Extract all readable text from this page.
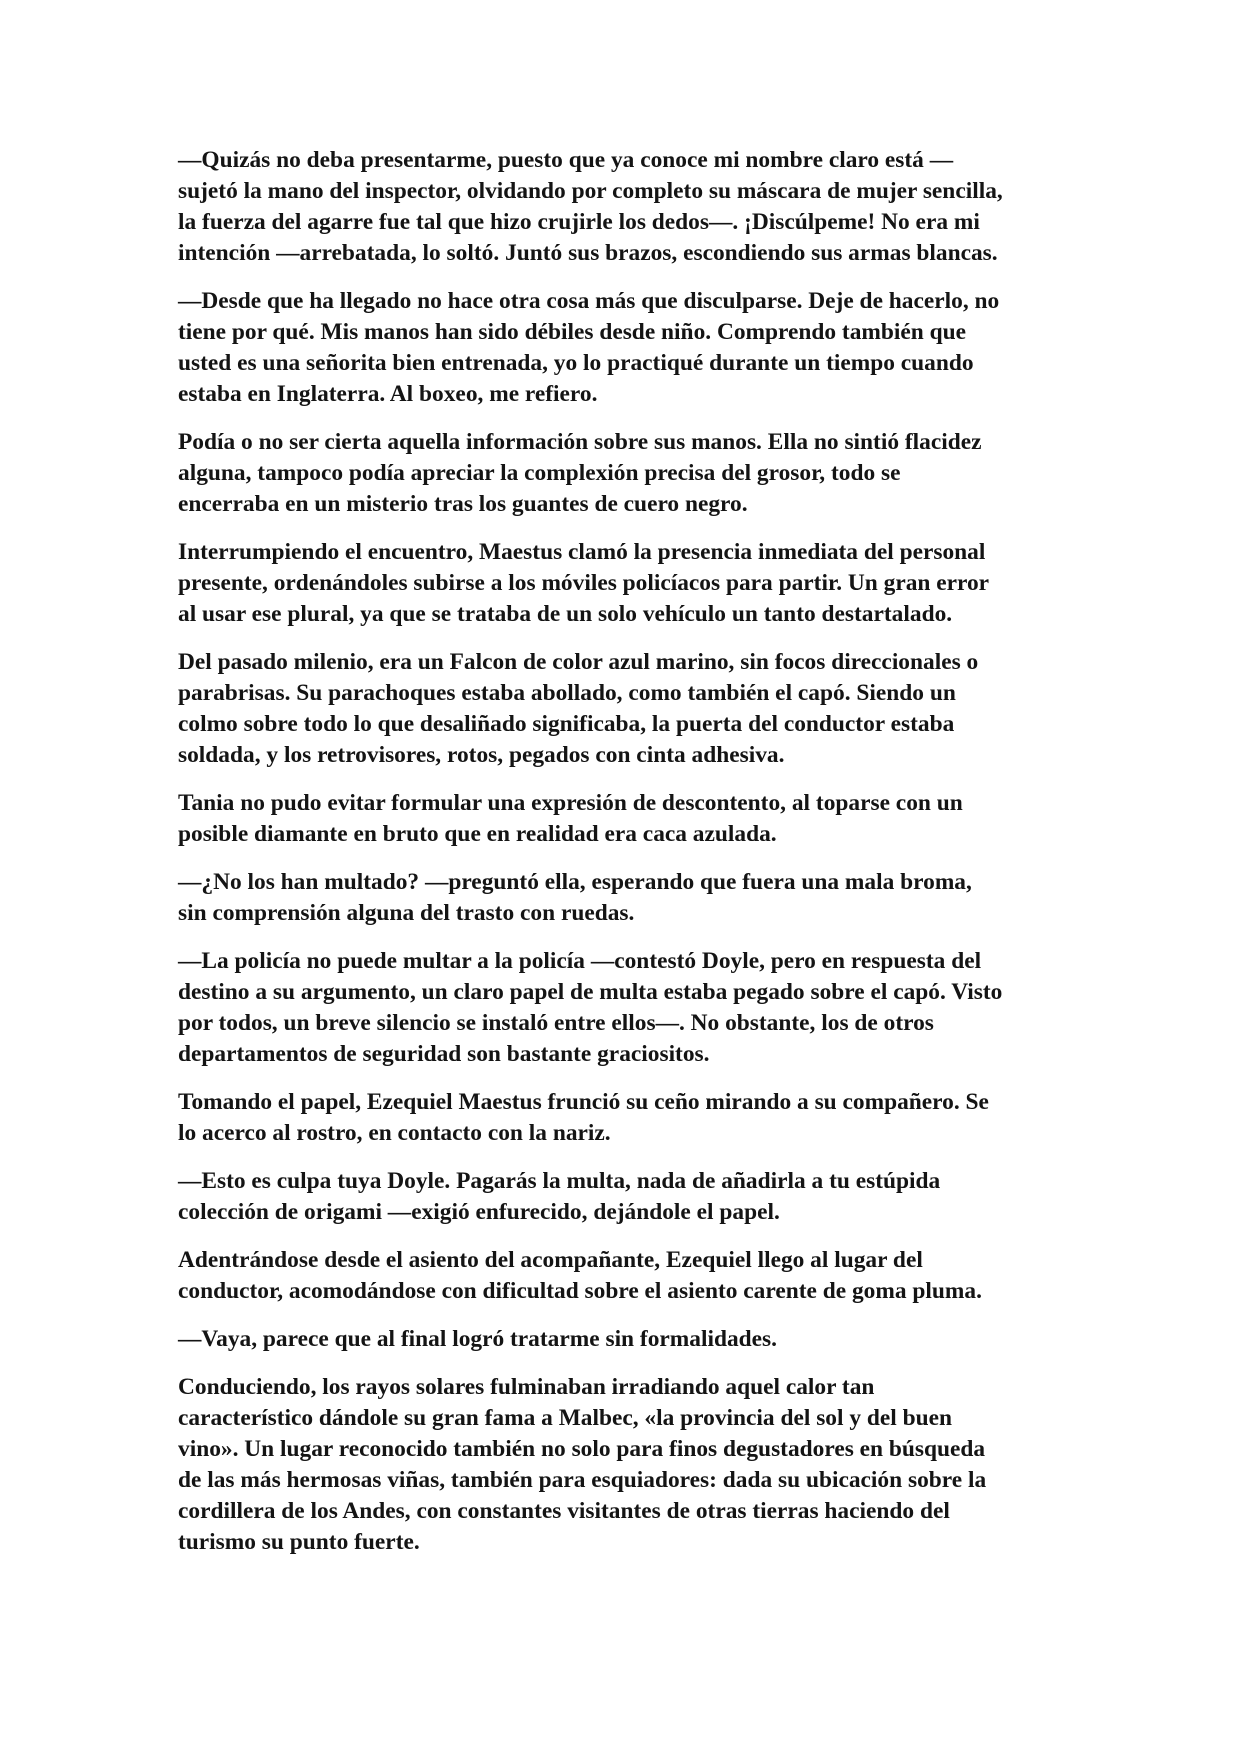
—Quizás no deba presentarme, puesto que ya conoce mi nombre claro está —
sujetó la mano del inspector, olvidando por completo su máscara de mujer sencilla,
la fuerza del agarre fue tal que hizo crujirle los dedos—. ¡Discúlpeme! No era mi
intención —arrebatada, lo soltó. Juntó sus brazos, escondiendo sus armas blancas.

—Desde que ha llegado no hace otra cosa más que disculparse. Deje de hacerlo, no
tiene por qué. Mis manos han sido débiles desde niño. Comprendo también que
usted es una señorita bien entrenada, yo lo practiqué durante un tiempo cuando
estaba en Inglaterra. Al boxeo, me refiero.

Podía o no ser cierta aquella información sobre sus manos. Ella no sintió flacidez
alguna, tampoco podía apreciar la complexión precisa del grosor, todo se
encerraba en un misterio tras los guantes de cuero negro.

Interrumpiendo el encuentro, Maestus clamó la presencia inmediata del personal
presente, ordenándoles subirse a los móviles policíacos para partir. Un gran error
al usar ese plural, ya que se trataba de un solo vehículo un tanto destartalado.

Del pasado milenio, era un Falcon de color azul marino, sin focos direccionales o
parabrisas. Su parachoques estaba abollado, como también el capó. Siendo un
colmo sobre todo lo que desaliñado significaba, la puerta del conductor estaba
soldada, y los retrovisores, rotos, pegados con cinta adhesiva.

Tania no pudo evitar formular una expresión de descontento, al toparse con un
posible diamante en bruto que en realidad era caca azulada.

—¿No los han multado? —preguntó ella, esperando que fuera una mala broma,
sin comprensión alguna del trasto con ruedas.

—La policía no puede multar a la policía —contestó Doyle, pero en respuesta del
destino a su argumento, un claro papel de multa estaba pegado sobre el capó. Visto
por todos, un breve silencio se instaló entre ellos—. No obstante, los de otros
departamentos de seguridad son bastante graciositos.

Tomando el papel, Ezequiel Maestus frunció su ceño mirando a su compañero. Se
lo acerco al rostro, en contacto con la nariz.

—Esto es culpa tuya Doyle. Pagarás la multa, nada de añadirla a tu estúpida
colección de origami —exigió enfurecido, dejándole el papel.

Adentrándose desde el asiento del acompañante, Ezequiel llego al lugar del
conductor, acomodándose con dificultad sobre el asiento carente de goma pluma.

—Vaya, parece que al final logró tratarme sin formalidades.

Conduciendo, los rayos solares fulminaban irradiando aquel calor tan
característico dándole su gran fama a Malbec, «la provincia del sol y del buen
vino». Un lugar reconocido también no solo para finos degustadores en búsqueda
de las más hermosas viñas, también para esquiadores: dada su ubicación sobre la
cordillera de los Andes, con constantes visitantes de otras tierras haciendo del
turismo su punto fuerte.
